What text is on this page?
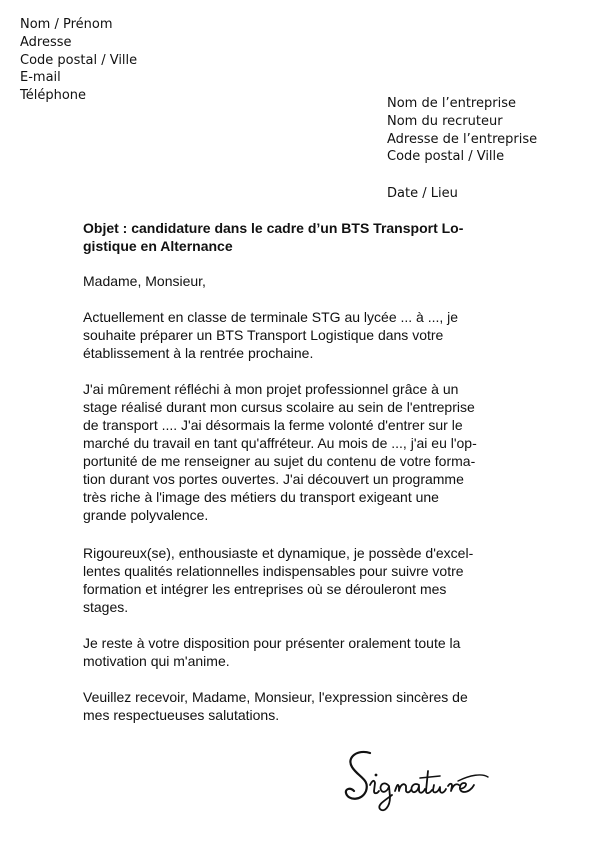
Nom / Prénom
Adresse
Code postal / Ville
E-mail
Téléphone
Nom de l’entreprise
Nom du recruteur
Adresse de l’entreprise
Code postal / Ville
Date / Lieu
Objet : candidature dans le cadre d’un BTS Transport Lo-
gistique en Alternance
Madame, Monsieur,
Actuellement en classe de terminale STG au lycée ... à ..., je
souhaite préparer un BTS Transport Logistique dans votre
établissement à la rentrée prochaine.
J'ai mûrement réfléchi à mon projet professionnel grâce à un
stage réalisé durant mon cursus scolaire au sein de l'entreprise
de transport .... J'ai désormais la ferme volonté d'entrer sur le
marché du travail en tant qu'affréteur. Au mois de ..., j'ai eu l'op-
portunité de me renseigner au sujet du contenu de votre forma-
tion durant vos portes ouvertes. J'ai découvert un programme
très riche à l'image des métiers du transport exigeant une
grande polyvalence.
Rigoureux(se), enthousiaste et dynamique, je possède d'excel-
lentes qualités relationnelles indispensables pour suivre votre
formation et intégrer les entreprises où se dérouleront mes
stages.
Je reste à votre disposition pour présenter oralement toute la
motivation qui m'anime.
Veuillez recevoir, Madame, Monsieur, l'expression sincères de
mes respectueuses salutations.
